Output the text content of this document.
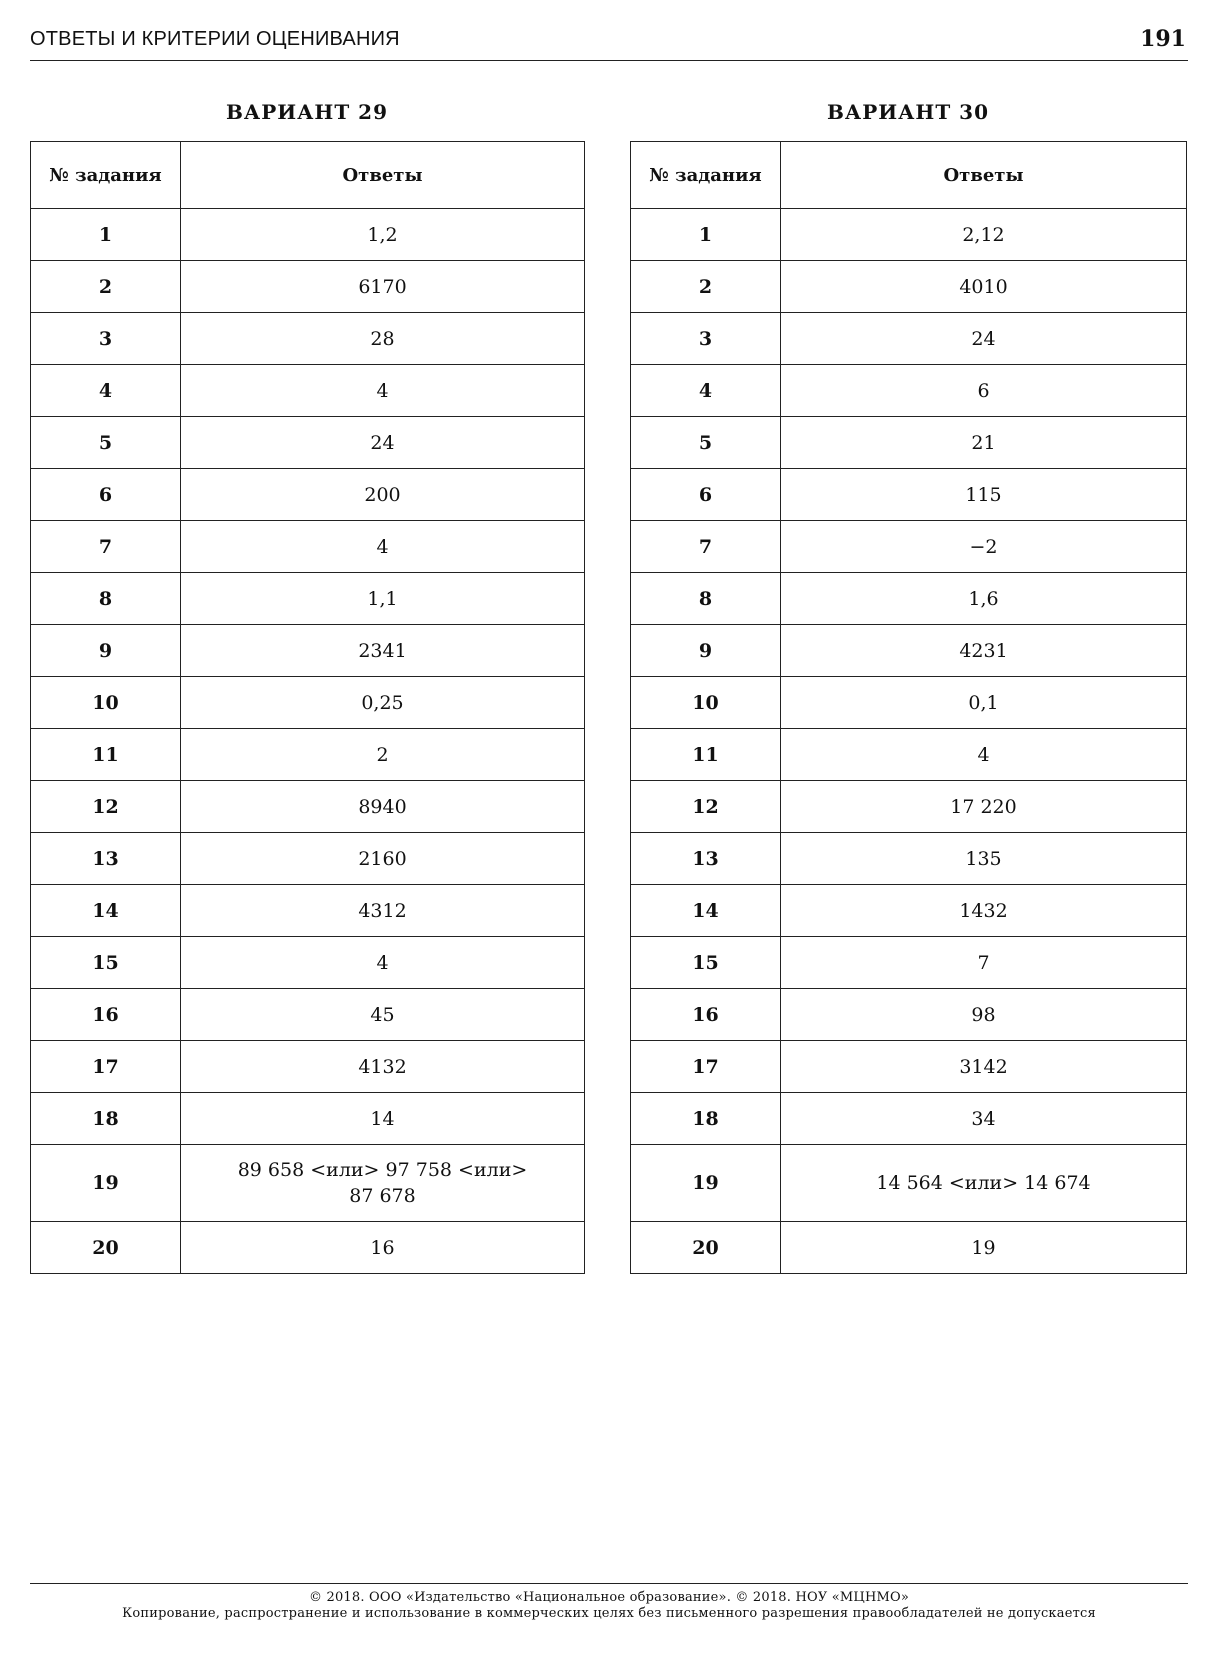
ОТВЕТЫ И КРИТЕРИИ ОЦЕНИВАНИЯ	191
ВАРИАНТ 29
№ задания	Ответы
1	1,2
2	6170
3	28
4	4
5	24
6	200
7	4
8	1,1
9	2341
10	0,25
11	2
12	8940
13	2160
14	4312
15	4
16	45
17	4132
18	14
19	89 658 <или> 97 758 <или> 87 678
20	16
ВАРИАНТ 30
№ задания	Ответы
1	2,12
2	4010
3	24
4	6
5	21
6	115
7	−2
8	1,6
9	4231
10	0,1
11	4
12	17 220
13	135
14	1432
15	7
16	98
17	3142
18	34
19	14 564 <или> 14 674
20	19
© 2018. ООО «Издательство «Национальное образование». © 2018. НОУ «МЦНМО»
Копирование, распространение и использование в коммерческих целях без письменного разрешения правообладателей не допускается
